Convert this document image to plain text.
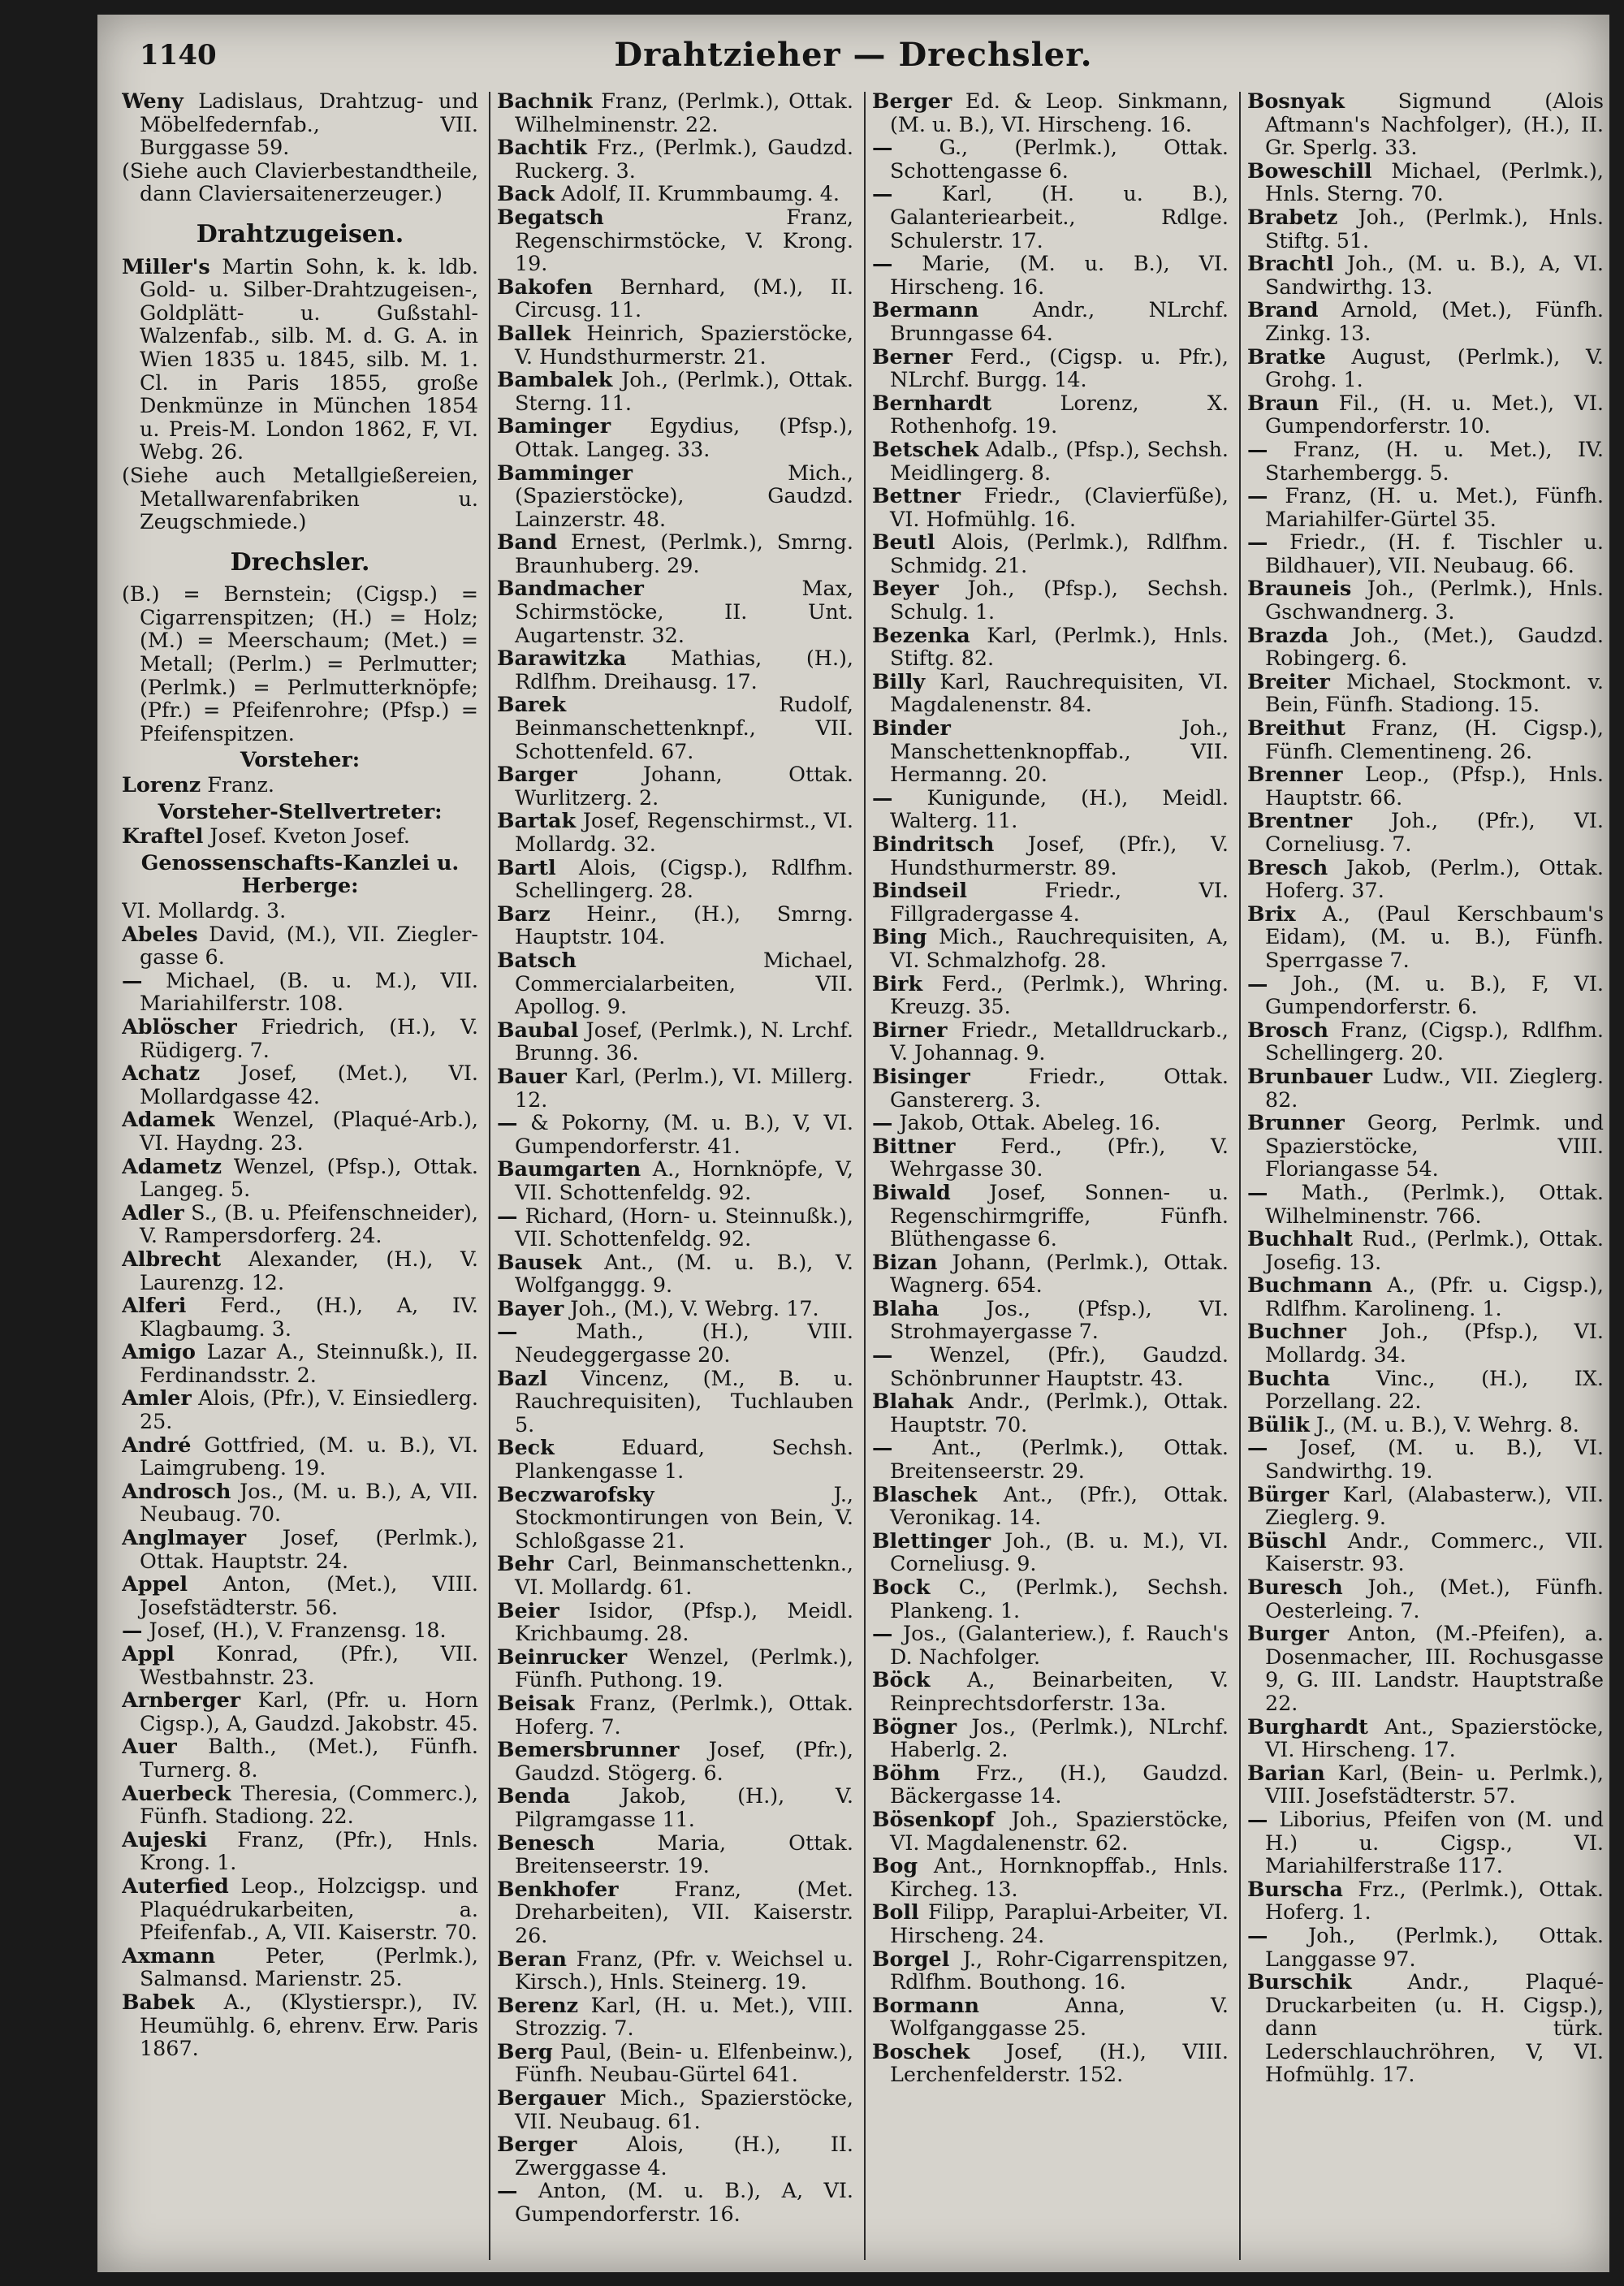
1140	Drahtzieher — Drechsler.

Weny Ladislaus, Drahtzug- und Möbelfedernfab., VII. Burggasse 59.

(Siehe auch Clavierbestandtheile, dann Claviersaitenerzeuger.)

Drahtzugeisen.

Miller's Martin Sohn, k. k. ldb. Gold- u. Silber-Drahtzugeisen-, Goldplätt- u. Gußstahl-Walzenfab., silb. M. d. G. A. in Wien 1835 u. 1845, silb. M. 1. Cl. in Paris 1855, große Denkmünze in München 1854 u. Preis-M. London 1862, F, VI. Webg. 26.

(Siehe auch Metallgießereien, Metallwarenfabriken u. Zeugschmiede.)

Drechsler.

(B.) = Bernstein; (Cigsp.) = Cigarrenspitzen; (H.) = Holz; (M.) = Meerschaum; (Met.) = Metall; (Perlm.) = Perlmutter; (Perlmk.) = Perlmutterknöpfe; (Pfr.) = Pfeifenrohre; (Pfsp.) = Pfeifenspitzen.

Vorsteher:

Lorenz Franz.

Vorsteher-Stellvertreter:

Kraftel Josef. Kveton Josef.

Genossenschafts-Kanzlei u. Herberge:

VI. Mollardg. 3.

Abeles David, (M.), VII. Ziegler-gasse 6.

— Michael, (B. u. M.), VII. Mariahilferstr. 108.

Ablöscher Friedrich, (H.), V. Rüdigerg. 7.

Achatz Josef, (Met.), VI. Mollardgasse 42.

Adamek Wenzel, (Plaqué-Arb.), VI. Haydng. 23.

Adametz Wenzel, (Pfsp.), Ottak. Langeg. 5.

Adler S., (B. u. Pfeifenschneider), V. Rampersdorferg. 24.

Albrecht Alexander, (H.), V. Laurenzg. 12.

Alferi Ferd., (H.), A, IV. Klagbaumg. 3.

Amigo Lazar A., Steinnußk.), II. Ferdinandsstr. 2.

Amler Alois, (Pfr.), V. Einsiedlerg. 25.

André Gottfried, (M. u. B.), VI. Laimgrubeng. 19.

Androsch Jos., (M. u. B.), A, VII. Neubaug. 70.

Anglmayer Josef, (Perlmk.), Ottak. Hauptstr. 24.

Appel Anton, (Met.), VIII. Josefstädterstr. 56.

— Josef, (H.), V. Franzensg. 18.

Appl Konrad, (Pfr.), VII. Westbahnstr. 23.

Arnberger Karl, (Pfr. u. Horn Cigsp.), A, Gaudzd. Jakobstr. 45.

Auer Balth., (Met.), Fünfh. Turnerg. 8.

Auerbeck Theresia, (Commerc.), Fünfh. Stadiong. 22.

Aujeski Franz, (Pfr.), Hnls. Krong. 1.

Auterfied Leop., Holzcigsp. und Plaquédrukarbeiten, a. Pfeifenfab., A, VII. Kaiserstr. 70.

Axmann Peter, (Perlmk.), Salmansd. Marienstr. 25.

Babek A., (Klystierspr.), IV. Heumühlg. 6, ehrenv. Erw. Paris 1867.

Bachnik Franz, (Perlmk.), Ottak. Wilhelminenstr. 22.

Bachtik Frz., (Perlmk.), Gaudzd. Ruckerg. 3.

Back Adolf, II. Krummbaumg. 4.

Begatsch Franz, Regenschirmstöcke, V. Krong. 19.

Bakofen Bernhard, (M.), II. Circusg. 11.

Ballek Heinrich, Spazierstöcke, V. Hundsthurmerstr. 21.

Bambalek Joh., (Perlmk.), Ottak. Sterng. 11.

Baminger Egydius, (Pfsp.), Ottak. Langeg. 33.

Bamminger Mich., (Spazierstöcke), Gaudzd. Lainzerstr. 48.

Band Ernest, (Perlmk.), Smrng. Braunhuberg. 29.

Bandmacher Max, Schirmstöcke, II. Unt. Augartenstr. 32.

Barawitzka Mathias, (H.), Rdlfhm. Dreihausg. 17.

Barek Rudolf, Beinmanschettenknpf., VII. Schottenfeld. 67.

Barger Johann, Ottak. Wurlitzerg. 2.

Bartak Josef, Regenschirmst., VI. Mollardg. 32.

Bartl Alois, (Cigsp.), Rdlfhm. Schellingerg. 28.

Barz Heinr., (H.), Smrng. Hauptstr. 104.

Batsch Michael, Commercialarbeiten, VII. Apollog. 9.

Baubal Josef, (Perlmk.), N. Lrchf. Brunng. 36.

Bauer Karl, (Perlm.), VI. Millerg. 12.

— & Pokorny, (M. u. B.), V, VI. Gumpendorferstr. 41.

Baumgarten A., Hornknöpfe, V, VII. Schottenfeldg. 92.

— Richard, (Horn- u. Steinnußk.), VII. Schottenfeldg. 92.

Bausek Ant., (M. u. B.), V. Wolfganggg. 9.

Bayer Joh., (M.), V. Webrg. 17.

— Math., (H.), VIII. Neudeggergasse 20.

Bazl Vincenz, (M., B. u. Rauchrequisiten), Tuchlauben 5.

Beck Eduard, Sechsh. Plankengasse 1.

Beczwarofsky J., Stockmontirungen von Bein, V. Schloßgasse 21.

Behr Carl, Beinmanschettenkn., VI. Mollardg. 61.

Beier Isidor, (Pfsp.), Meidl. Krichbaumg. 28.

Beinrucker Wenzel, (Perlmk.), Fünfh. Puthong. 19.

Beisak Franz, (Perlmk.), Ottak. Hoferg. 7.

Bemersbrunner Josef, (Pfr.), Gaudzd. Stögerg. 6.

Benda Jakob, (H.), V. Pilgramgasse 11.

Benesch Maria, Ottak. Breitenseerstr. 19.

Benkhofer Franz, (Met. Dreharbeiten), VII. Kaiserstr. 26.

Beran Franz, (Pfr. v. Weichsel u. Kirsch.), Hnls. Steinerg. 19.

Berenz Karl, (H. u. Met.), VIII. Strozzig. 7.

Berg Paul, (Bein- u. Elfenbeinw.), Fünfh. Neubau-Gürtel 641.

Bergauer Mich., Spazierstöcke, VII. Neubaug. 61.

Berger Alois, (H.), II. Zwerggasse 4.

— Anton, (M. u. B.), A, VI. Gumpendorferstr. 16.

Berger Ed. & Leop. Sinkmann, (M. u. B.), VI. Hirscheng. 16.

— G., (Perlmk.), Ottak. Schottengasse 6.

— Karl, (H. u. B.), Galanteriearbeit., Rdlge. Schulerstr. 17.

— Marie, (M. u. B.), VI. Hirscheng. 16.

Bermann Andr., NLrchf. Brunngasse 64.

Berner Ferd., (Cigsp. u. Pfr.), NLrchf. Burgg. 14.

Bernhardt Lorenz, X. Rothenhofg. 19.

Betschek Adalb., (Pfsp.), Sechsh. Meidlingerg. 8.

Bettner Friedr., (Clavierfüße), VI. Hofmühlg. 16.

Beutl Alois, (Perlmk.), Rdlfhm. Schmidg. 21.

Beyer Joh., (Pfsp.), Sechsh. Schulg. 1.

Bezenka Karl, (Perlmk.), Hnls. Stiftg. 82.

Billy Karl, Rauchrequisiten, VI. Magdalenenstr. 84.

Binder Joh., Manschettenknopffab., VII. Hermanng. 20.

— Kunigunde, (H.), Meidl. Walterg. 11.

Bindritsch Josef, (Pfr.), V. Hundsthurmerstr. 89.

Bindseil Friedr., VI. Fillgradergasse 4.

Bing Mich., Rauchrequisiten, A, VI. Schmalzhofg. 28.

Birk Ferd., (Perlmk.), Whring. Kreuzg. 35.

Birner Friedr., Metalldruckarb., V. Johannag. 9.

Bisinger Friedr., Ottak. Ganstererg. 3.

— Jakob, Ottak. Abeleg. 16.

Bittner Ferd., (Pfr.), V. Wehrgasse 30.

Biwald Josef, Sonnen- u. Regenschirmgriffe, Fünfh. Blüthengasse 6.

Bizan Johann, (Perlmk.), Ottak. Wagnerg. 654.

Blaha Jos., (Pfsp.), VI. Strohmayergasse 7.

— Wenzel, (Pfr.), Gaudzd. Schönbrunner Hauptstr. 43.

Blahak Andr., (Perlmk.), Ottak. Hauptstr. 70.

— Ant., (Perlmk.), Ottak. Breitenseerstr. 29.

Blaschek Ant., (Pfr.), Ottak. Veronikag. 14.

Blettinger Joh., (B. u. M.), VI. Corneliusg. 9.

Bock C., (Perlmk.), Sechsh. Plankeng. 1.

— Jos., (Galanteriew.), f. Rauch's D. Nachfolger.

Böck A., Beinarbeiten, V. Reinprechtsdorferstr. 13a.

Bögner Jos., (Perlmk.), NLrchf. Haberlg. 2.

Böhm Frz., (H.), Gaudzd. Bäckergasse 14.

Bösenkopf Joh., Spazierstöcke, VI. Magdalenenstr. 62.

Bog Ant., Hornknopffab., Hnls. Kircheg. 13.

Boll Filipp, Paraplui-Arbeiter, VI. Hirscheng. 24.

Borgel J., Rohr-Cigarrenspitzen, Rdlfhm. Bouthong. 16.

Bormann Anna, V. Wolfganggasse 25.

Boschek Josef, (H.), VIII. Lerchenfelderstr. 152.

Bosnyak Sigmund (Alois Aftmann's Nachfolger), (H.), II. Gr. Sperlg. 33.

Boweschill Michael, (Perlmk.), Hnls. Sterng. 70.

Brabetz Joh., (Perlmk.), Hnls. Stiftg. 51.

Brachtl Joh., (M. u. B.), A, VI. Sandwirthg. 13.

Brand Arnold, (Met.), Fünfh. Zinkg. 13.

Bratke August, (Perlmk.), V. Grohg. 1.

Braun Fil., (H. u. Met.), VI. Gumpendorferstr. 10.

— Franz, (H. u. Met.), IV. Starhembergg. 5.

— Franz, (H. u. Met.), Fünfh. Mariahilfer-Gürtel 35.

— Friedr., (H. f. Tischler u. Bildhauer), VII. Neubaug. 66.

Brauneis Joh., (Perlmk.), Hnls. Gschwandnerg. 3.

Brazda Joh., (Met.), Gaudzd. Robingerg. 6.

Breiter Michael, Stockmont. v. Bein, Fünfh. Stadiong. 15.

Breithut Franz, (H. Cigsp.), Fünfh. Clementineng. 26.

Brenner Leop., (Pfsp.), Hnls. Hauptstr. 66.

Brentner Joh., (Pfr.), VI. Corneliusg. 7.

Bresch Jakob, (Perlm.), Ottak. Hoferg. 37.

Brix A., (Paul Kerschbaum's Eidam), (M. u. B.), Fünfh. Sperrgasse 7.

— Joh., (M. u. B.), F, VI. Gumpendorferstr. 6.

Brosch Franz, (Cigsp.), Rdlfhm. Schellingerg. 20.

Brunbauer Ludw., VII. Zieglerg. 82.

Brunner Georg, Perlmk. und Spazierstöcke, VIII. Floriangasse 54.

— Math., (Perlmk.), Ottak. Wilhelminenstr. 766.

Buchhalt Rud., (Perlmk.), Ottak. Josefig. 13.

Buchmann A., (Pfr. u. Cigsp.), Rdlfhm. Karolineng. 1.

Buchner Joh., (Pfsp.), VI. Mollardg. 34.

Buchta Vinc., (H.), IX. Porzellang. 22.

Bülik J., (M. u. B.), V. Wehrg. 8.

— Josef, (M. u. B.), VI. Sandwirthg. 19.

Bürger Karl, (Alabasterw.), VII. Zieglerg. 9.

Büschl Andr., Commerc., VII. Kaiserstr. 93.

Buresch Joh., (Met.), Fünfh. Oesterleing. 7.

Burger Anton, (M.-Pfeifen), a. Dosenmacher, III. Rochusgasse 9, G. III. Landstr. Hauptstraße 22.

Burghardt Ant., Spazierstöcke, VI. Hirscheng. 17.

Barian Karl, (Bein- u. Perlmk.), VIII. Josefstädterstr. 57.

— Liborius, Pfeifen von (M. und H.) u. Cigsp., VI. Mariahilferstraße 117.

Burscha Frz., (Perlmk.), Ottak. Hoferg. 1.

— Joh., (Perlmk.), Ottak. Langgasse 97.

Burschik Andr., Plaqué-Druckarbeiten (u. H. Cigsp.), dann türk. Lederschlauchröhren, V, VI. Hofmühlg. 17.
